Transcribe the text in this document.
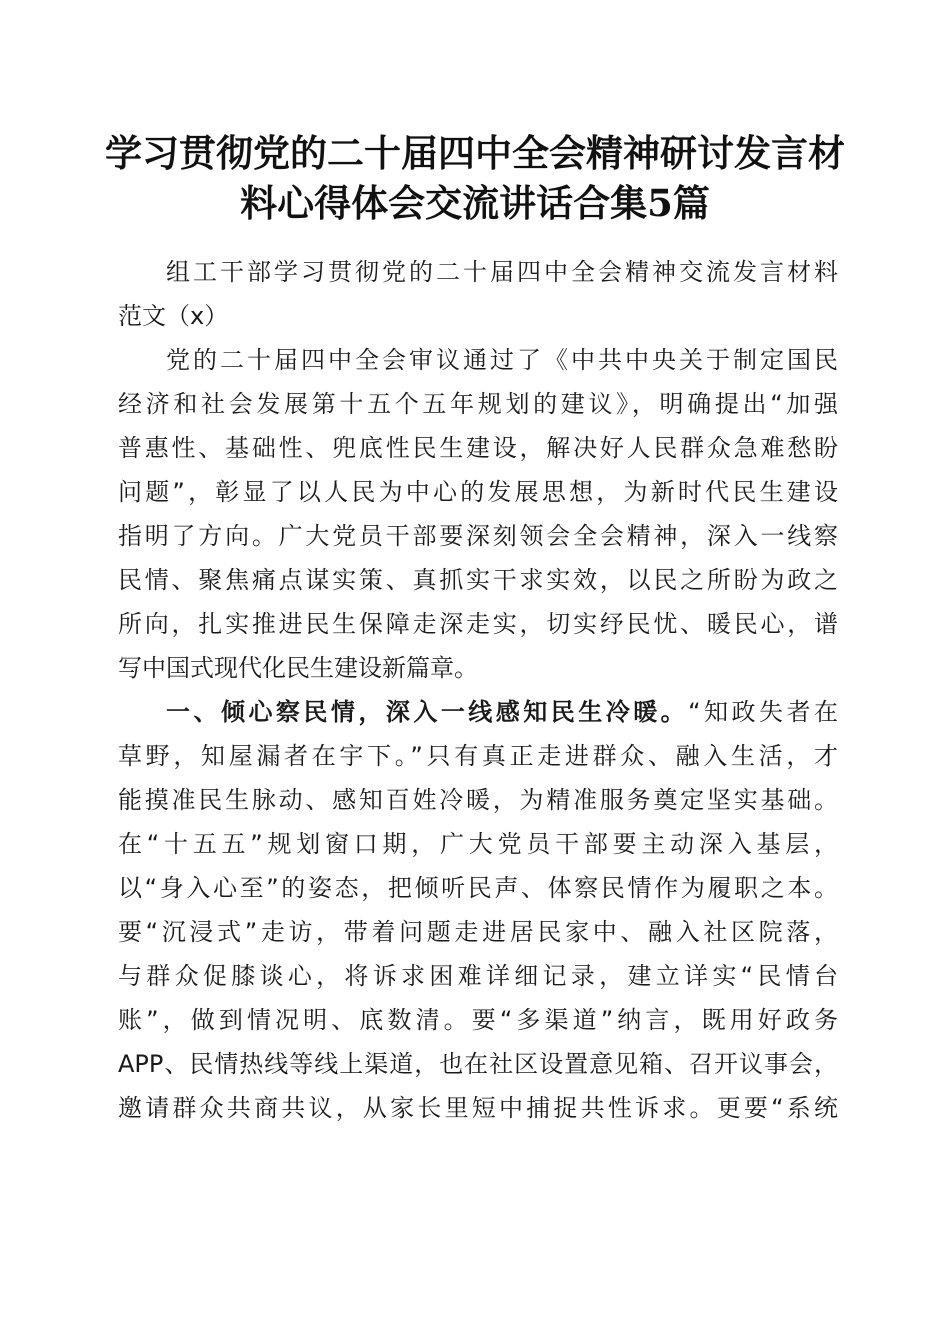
学习贯彻党的二十届四中全会精神研讨发言材
料心得体会交流讲话合集5篇
组工干部学习贯彻党的二十届四中全会精神交流发言材料
范文（x）
党的二十届四中全会审议通过了《中共中央关于制定国民
经济和社会发展第十五个五年规划的建议》，明确提出“加强
普惠性、基础性、兜底性民生建设，解决好人民群众急难愁盼
问题”，彰显了以人民为中心的发展思想，为新时代民生建设
指明了方向。广大党员干部要深刻领会全会精神，深入一线察
民情、聚焦痛点谋实策、真抓实干求实效，以民之所盼为政之
所向，扎实推进民生保障走深走实，切实纾民忧、暖民心，谱
写中国式现代化民生建设新篇章。
一、倾心察民情，深入一线感知民生冷暖。“知政失者在
草野，知屋漏者在宇下。”只有真正走进群众、融入生活，才
能摸准民生脉动、感知百姓冷暖，为精准服务奠定坚实基础。
在“十五五”规划窗口期，广大党员干部要主动深入基层，
以“身入心至”的姿态，把倾听民声、体察民情作为履职之本。
要“沉浸式”走访，带着问题走进居民家中、融入社区院落，
与群众促膝谈心，将诉求困难详细记录，建立详实“民情台
账”，做到情况明、底数清。要“多渠道”纳言，既用好政务
APP、民情热线等线上渠道，也在社区设置意见箱、召开议事会，
邀请群众共商共议，从家长里短中捕捉共性诉求。更要“系统
